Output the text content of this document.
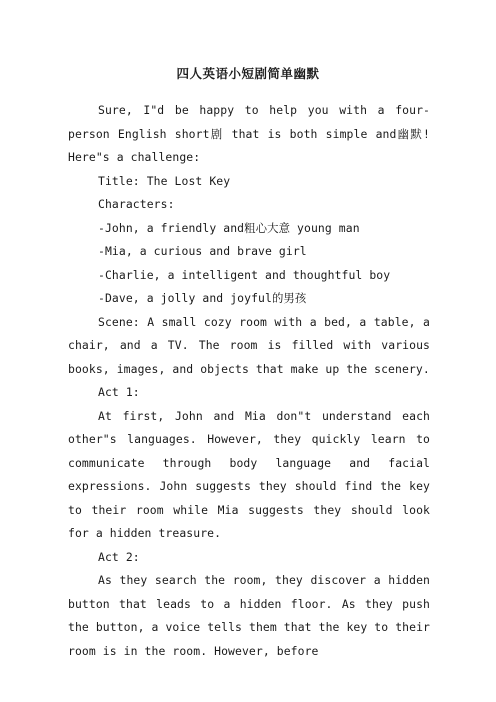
四人英语小短剧简单幽默

Sure, I"d be happy to help you with a four-person English short剧 that is both simple and幽默! Here"s a challenge:

Title: The Lost Key

Characters:

-John, a friendly and粗心大意 young man

-Mia, a curious and brave girl

-Charlie, a intelligent and thoughtful boy

-Dave, a jolly and joyful的男孩

Scene: A small cozy room with a bed, a table, a chair, and a TV. The room is filled with various books, images, and objects that make up the scenery.

Act 1:

At first, John and Mia don"t understand each other"s languages. However, they quickly learn to communicate through body language and facial expressions. John suggests they should find the key to their room while Mia suggests they should look for a hidden treasure.

Act 2:

As they search the room, they discover a hidden button that leads to a hidden floor. As they push the button, a voice tells them that the key to their room is in the room. However, before
